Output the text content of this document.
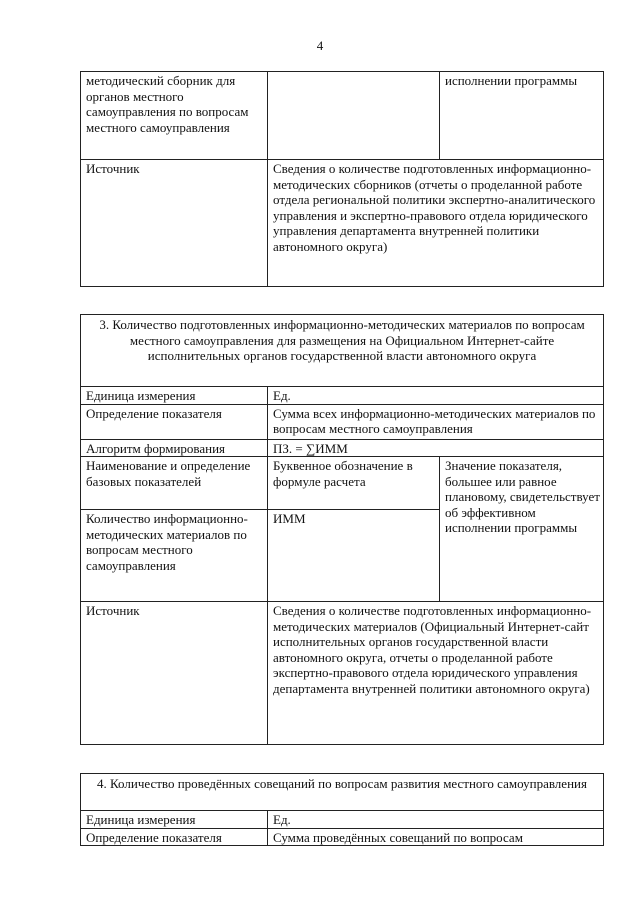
4
методический сборник для органов местного самоуправления по вопросам местного самоуправления		исполнении программы
Источник	Сведения о количестве подготовленных информационно-методических сборников (отчеты о проделанной работе отдела региональной политики экспертно-аналитического управления и экспертно-правового отдела юридического управления департамента внутренней политики автономного округа)	
3. Количество подготовленных информационно-методических материалов по вопросам местного самоуправления для размещения на Официальном Интернет-сайте исполнительных органов государственной власти автономного округа		
Единица измерения	Ед.	
Определение показателя	Сумма всех информационно-методических материалов по вопросам местного самоуправления	
Алгоритм формирования	ПЗ. = ∑ИММ	
Наименование и определение базовых показателей	Буквенное обозначение в формуле расчета	Значение показателя, большее или равное плановому, свидетельствует об эффективном исполнении программы
Количество информационно-методических материалов по вопросам местного самоуправления	ИММ	
Источник	Сведения о количестве подготовленных информационно-методических материалов (Официальный Интернет-сайт исполнительных органов государственной власти автономного округа, отчеты о проделанной работе экспертно-правового отдела юридического управления департамента внутренней политики автономного округа)	
4. Количество проведённых совещаний по вопросам развития местного самоуправления	
Единица измерения	Ед.
Определение показателя	Сумма проведённых совещаний по вопросам
